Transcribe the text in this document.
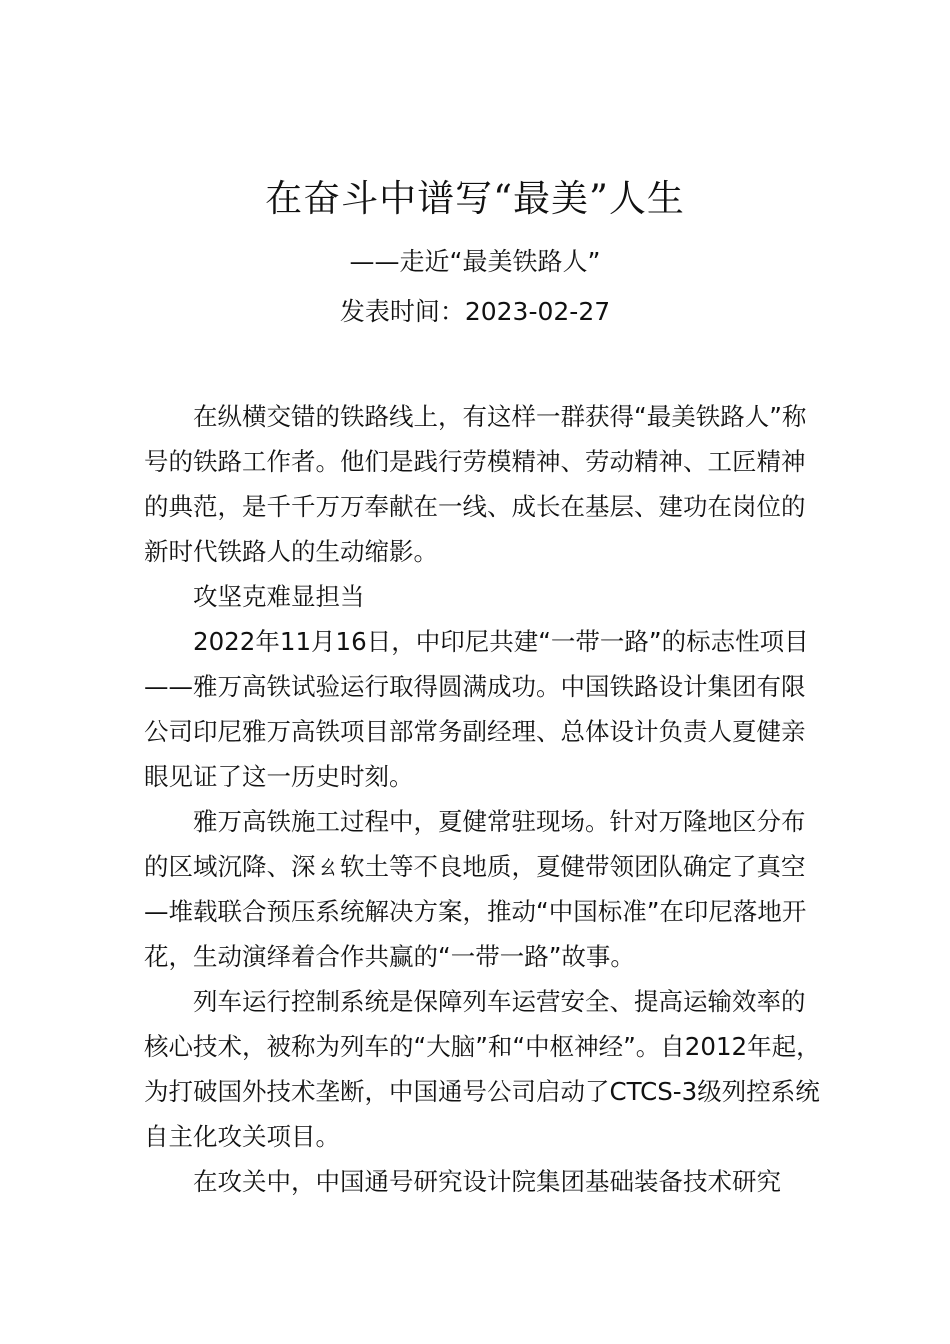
在奋斗中谱写“最美”人生
——走近“最美铁路人”
发表时间：2023-02-27

在纵横交错的铁路线上，有这样一群获得“最美铁路人”称号的铁路工作者。他们是践行劳模精神、劳动精神、工匠精神的典范，是千千万万奉献在一线、成长在基层、建功在岗位的新时代铁路人的生动缩影。

攻坚克难显担当

2022年11月16日，中印尼共建“一带一路”的标志性项目——雅万高铁试验运行取得圆满成功。中国铁路设计集团有限公司印尼雅万高铁项目部常务副经理、总体设计负责人夏健亲眼见证了这一历史时刻。

雅万高铁施工过程中，夏健常驻现场。针对万隆地区分布的区域沉降、深ㄠ软土等不良地质，夏健带领团队确定了真空—堆载联合预压系统解决方案，推动“中国标准”在印尼落地开花，生动演绎着合作共赢的“一带一路”故事。

列车运行控制系统是保障列车运营安全、提高运输效率的核心技术，被称为列车的“大脑”和“中枢神经”。自2012年起，为打破国外技术垄断，中国通号公司启动了CTCS-3级列控系统自主化攻关项目。

在攻关中，中国通号研究设计院集团基础装备技术研究
